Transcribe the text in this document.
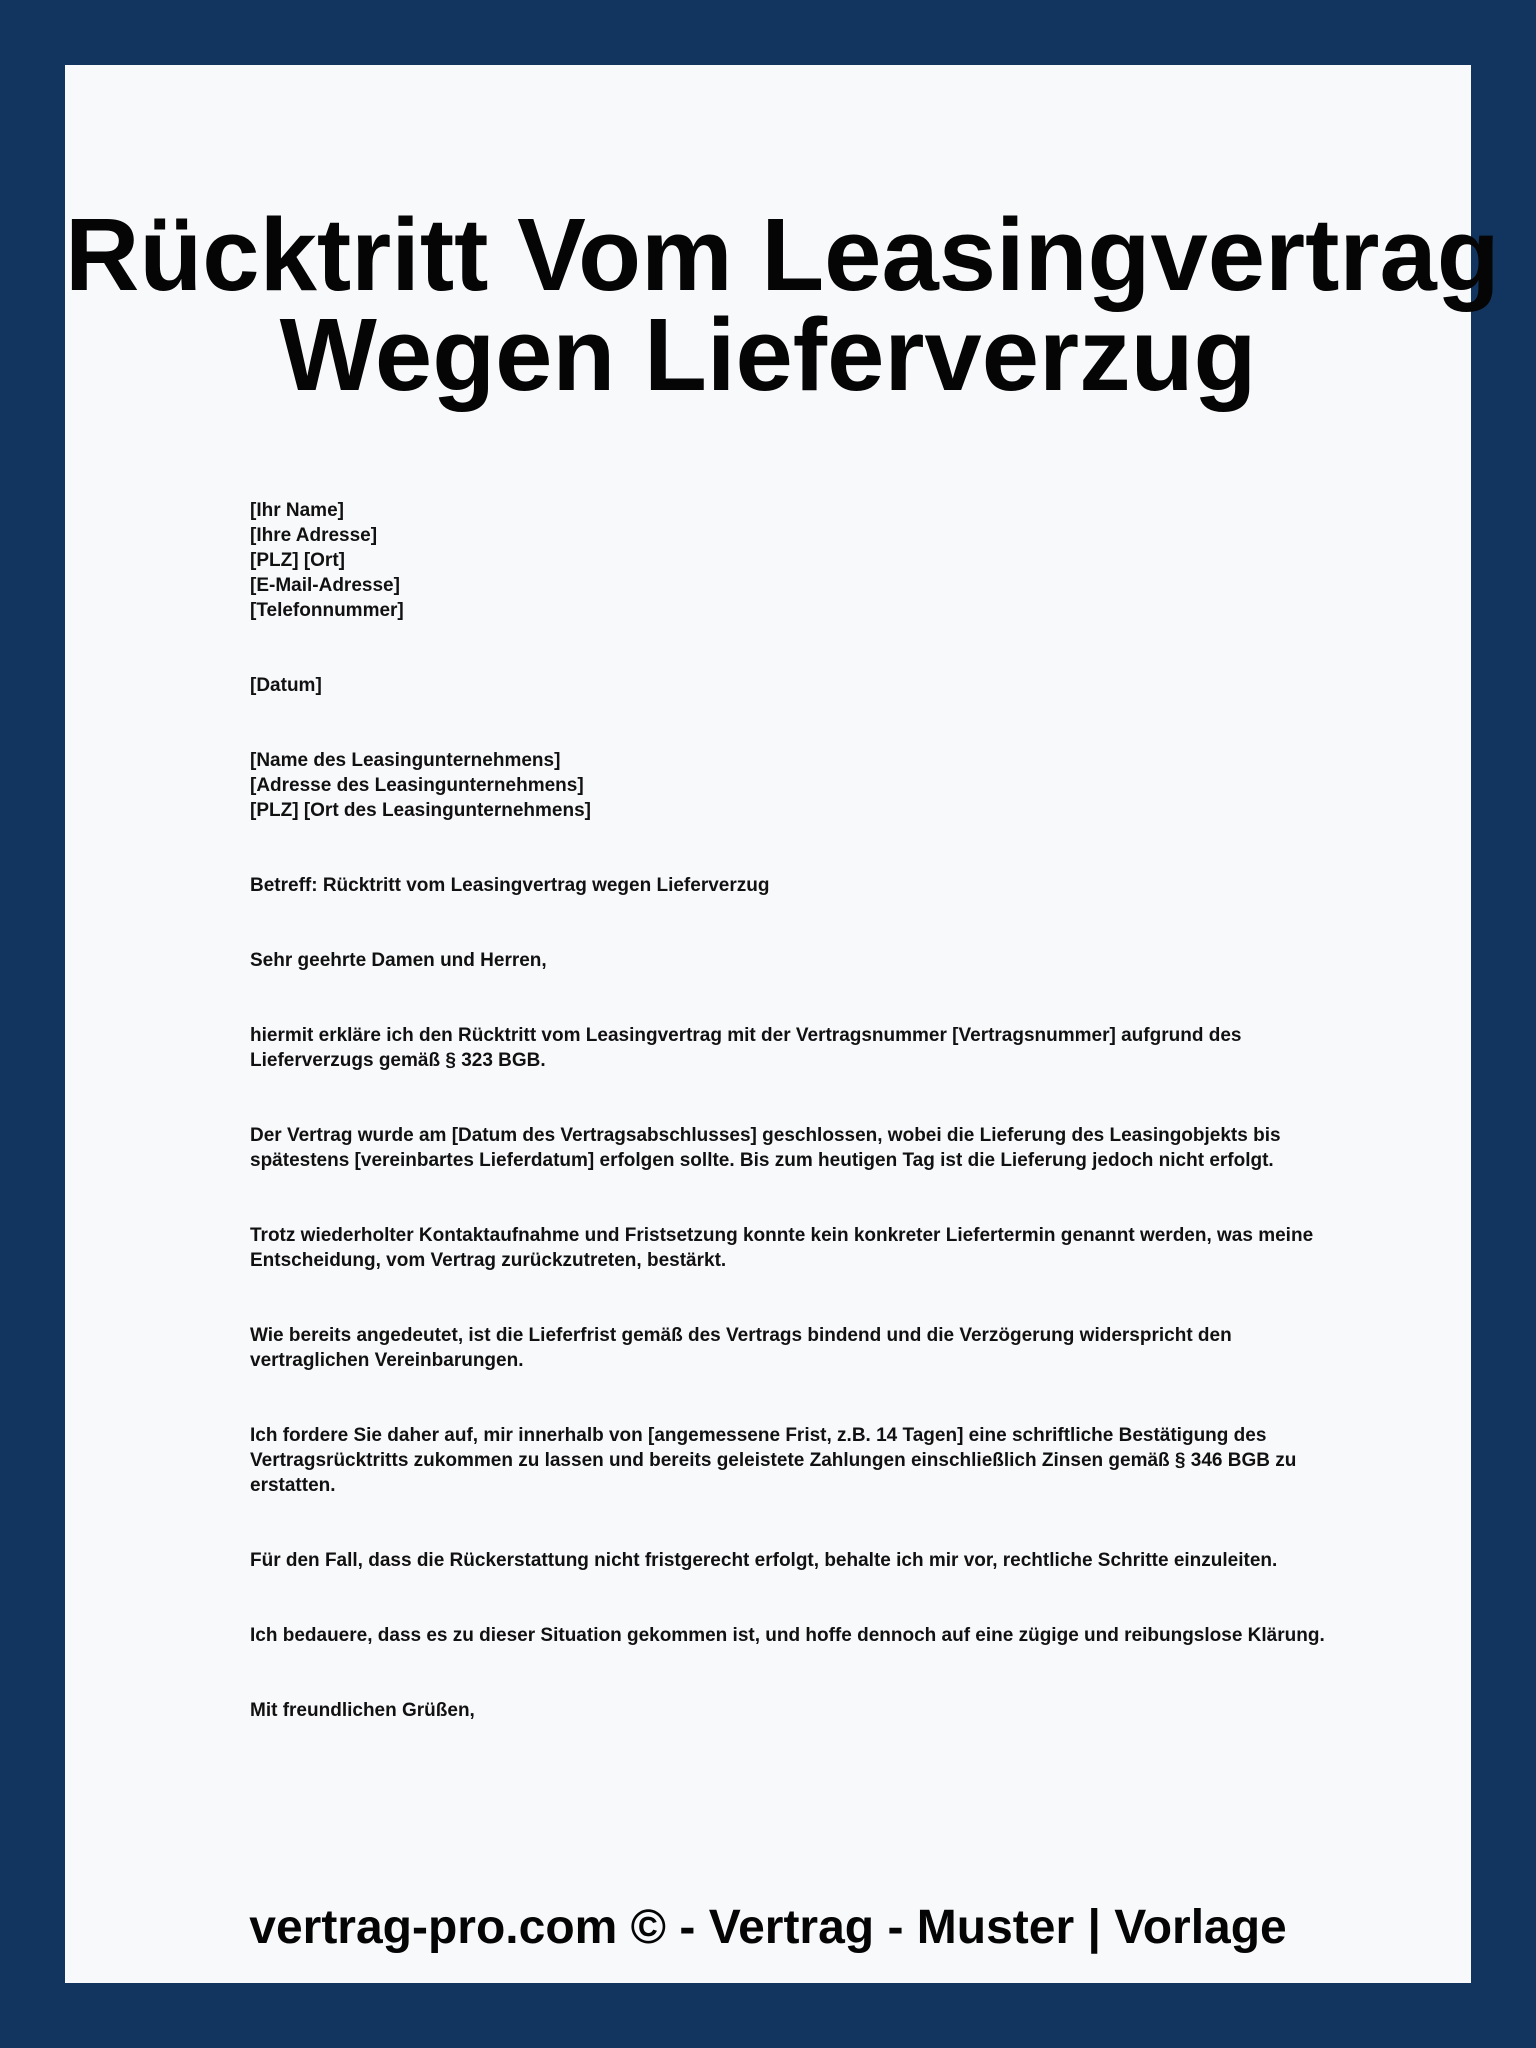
Rücktritt Vom Leasingvertrag
Wegen Lieferverzug
[Ihr Name]
[Ihre Adresse]
[PLZ] [Ort]
[E-Mail-Adresse]
[Telefonnummer]
[Datum]
[Name des Leasingunternehmens]
[Adresse des Leasingunternehmens]
[PLZ] [Ort des Leasingunternehmens]

Betreff: Rücktritt vom Leasingvertrag wegen Lieferverzug

Sehr geehrte Damen und Herren,

hiermit erkläre ich den Rücktritt vom Leasingvertrag mit der Vertragsnummer [Vertragsnummer] aufgrund des Lieferverzugs gemäß § 323 BGB.

Der Vertrag wurde am [Datum des Vertragsabschlusses] geschlossen, wobei die Lieferung des Leasingobjekts bis spätestens [vereinbartes Lieferdatum] erfolgen sollte. Bis zum heutigen Tag ist die Lieferung jedoch nicht erfolgt.

Trotz wiederholter Kontaktaufnahme und Fristsetzung konnte kein konkreter Liefertermin genannt werden, was meine Entscheidung, vom Vertrag zurückzutreten, bestärkt.

Wie bereits angedeutet, ist die Lieferfrist gemäß des Vertrags bindend und die Verzögerung widerspricht den vertraglichen Vereinbarungen.

Ich fordere Sie daher auf, mir innerhalb von [angemessene Frist, z.B. 14 Tagen] eine schriftliche Bestätigung des Vertragsrücktritts zukommen zu lassen und bereits geleistete Zahlungen einschließlich Zinsen gemäß § 346 BGB zu erstatten.

Für den Fall, dass die Rückerstattung nicht fristgerecht erfolgt, behalte ich mir vor, rechtliche Schritte einzuleiten.

Ich bedauere, dass es zu dieser Situation gekommen ist, und hoffe dennoch auf eine zügige und reibungslose Klärung.

Mit freundlichen Grüßen,

vertrag-pro.com © - Vertrag - Muster | Vorlage
